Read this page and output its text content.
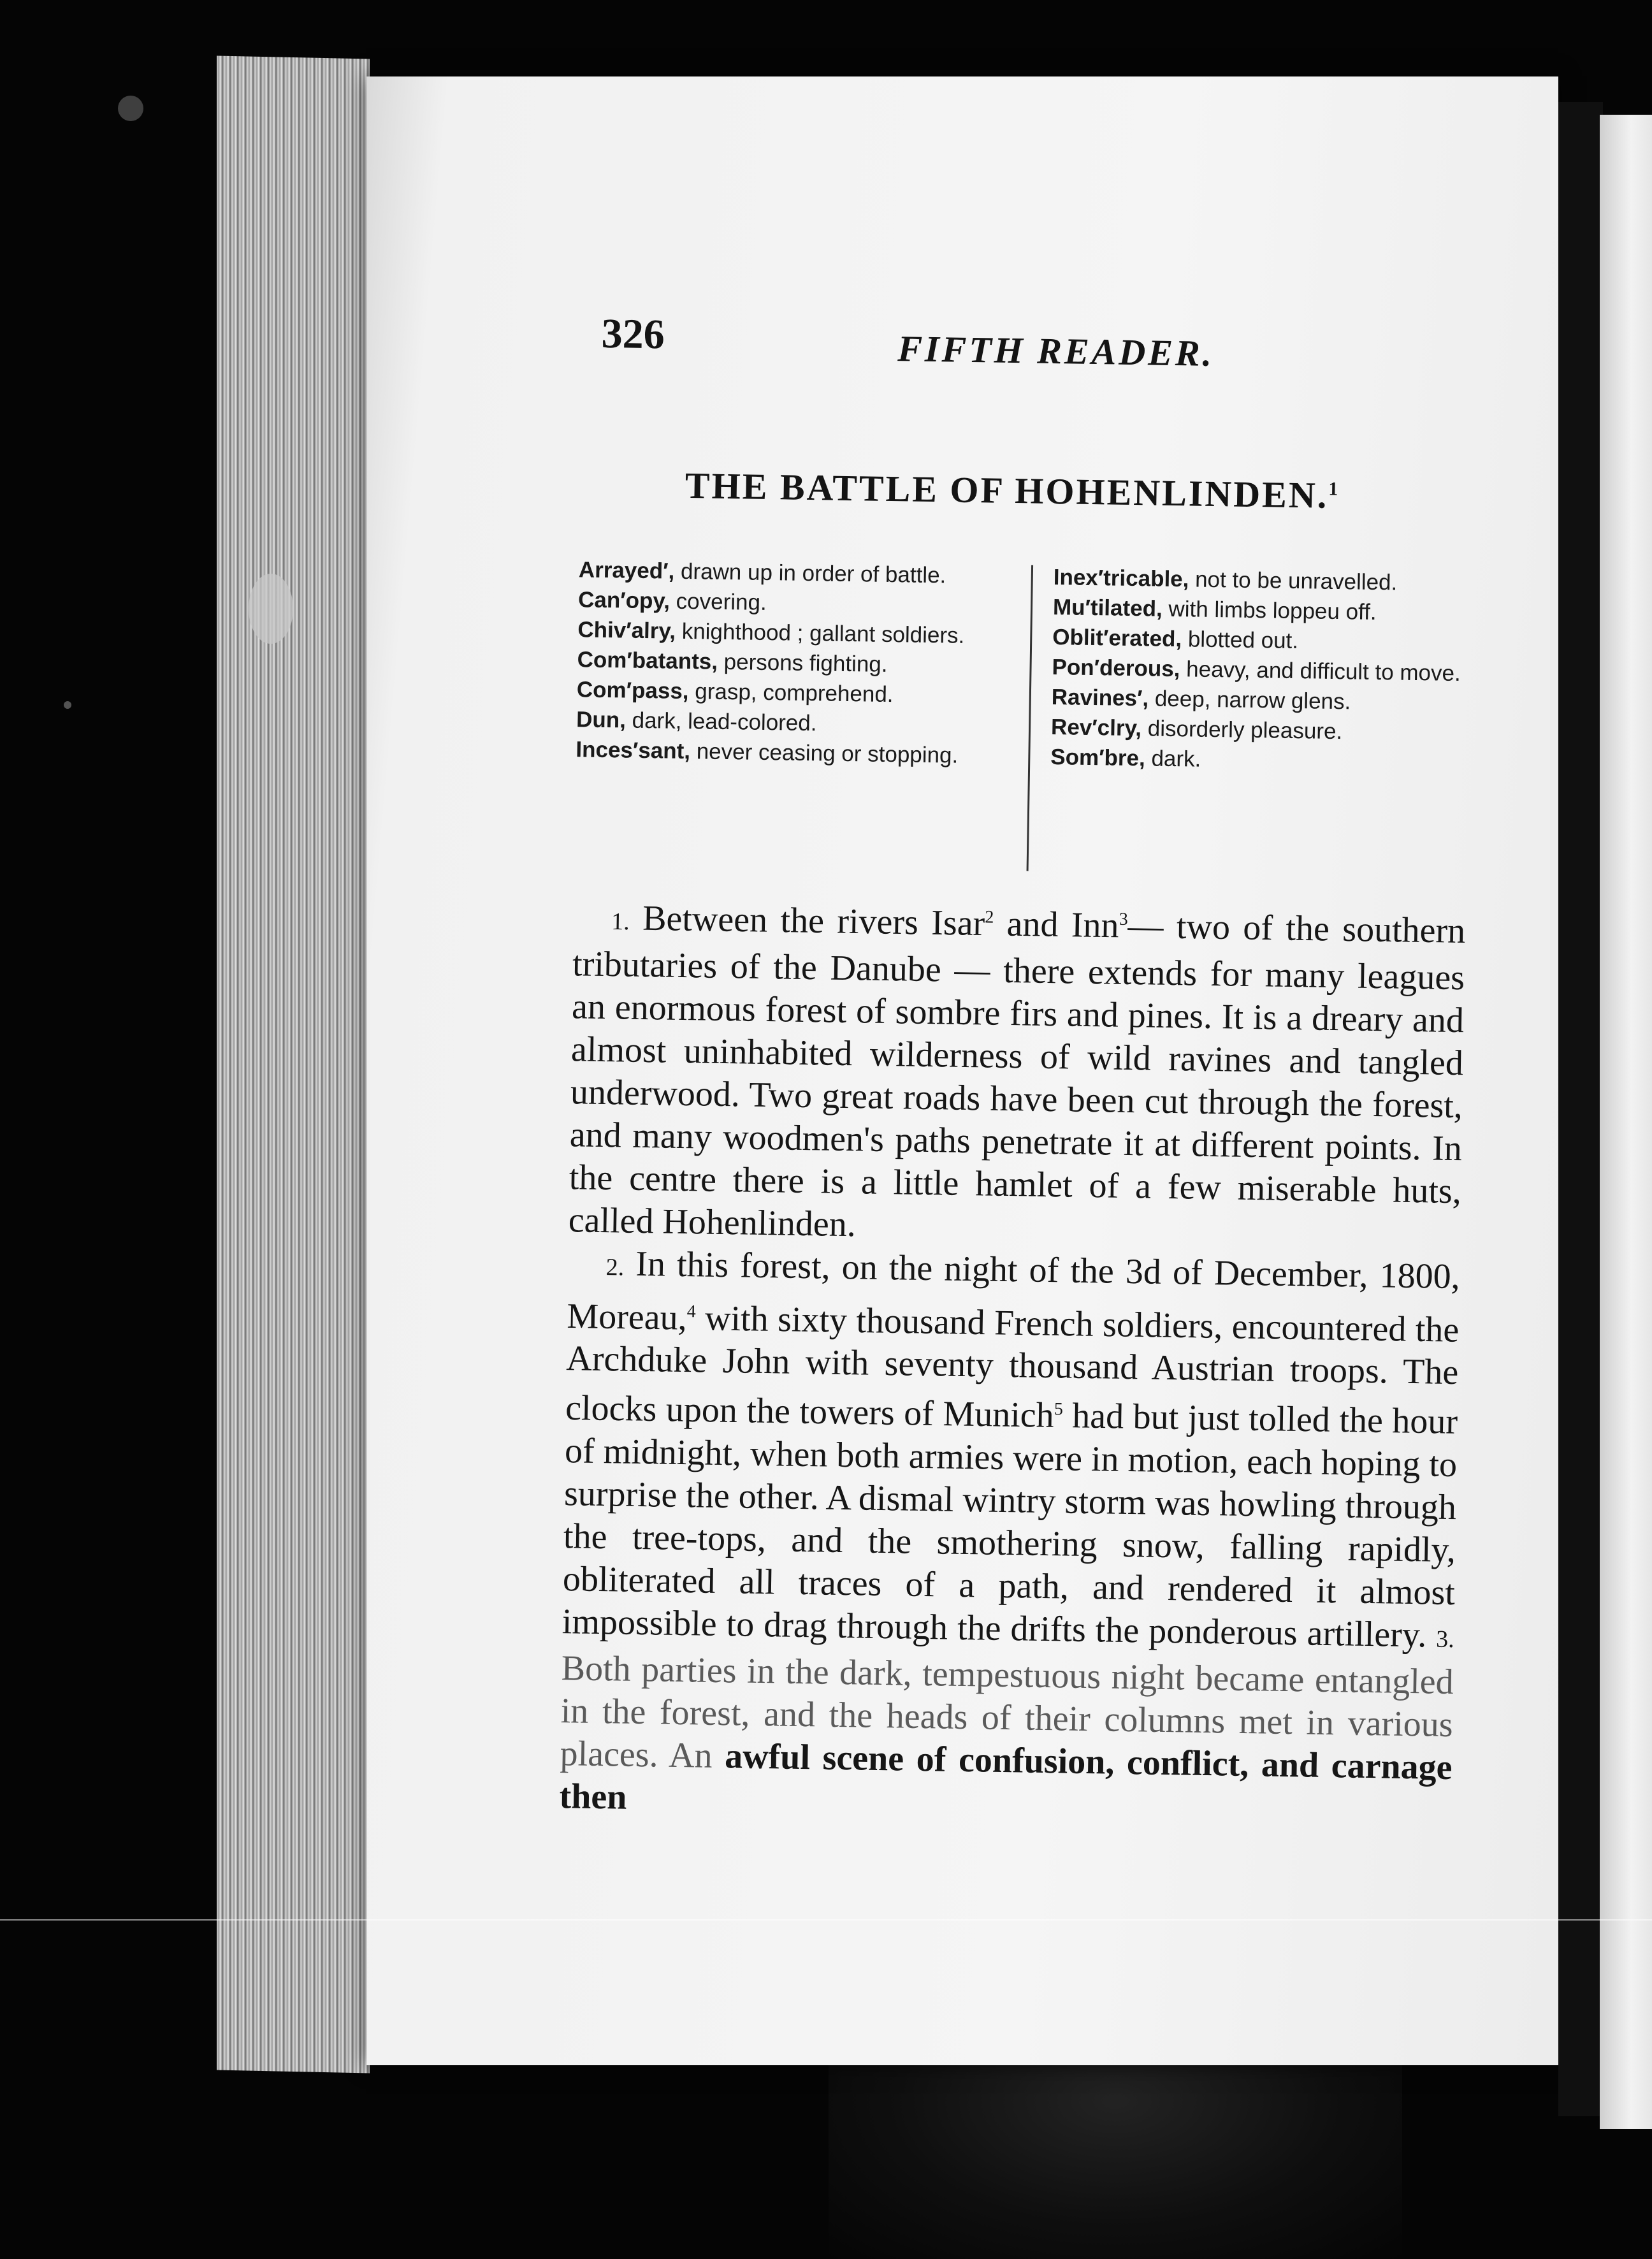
326	FIFTH READER.
THE BATTLE OF HOHENLINDEN.$^1$

Arrayed′, drawn up in order of battle.

Can′opy, covering.

Chiv′alry, knighthood ; gallant soldiers.

Com′batants, persons fighting.

Com′pass, grasp, comprehend.

Dun, dark, lead-colored.

Inces′sant, never ceasing or stopping.

Inex′tricable, not to be unravelled.

Mu′tilated, with limbs loppeu off.

Oblit′erated, blotted out.

Pon′derous, heavy, and difficult to move.

Ravines′, deep, narrow glens.

Rev′clry, disorderly pleasure.

Som′bre, dark.

1. Between the rivers Isar$^2$ and Inn$^3$— two of the southern tributaries of the Danube — there extends for many leagues an enormous forest of sombre firs and pines. It is a dreary and almost uninhabited wilderness of wild ravines and tangled underwood. Two great roads have been cut through the forest, and many woodmen's paths penetrate it at different points. In the centre there is a little hamlet of a few miserable huts, called Hohenlinden.

2. In this forest, on the night of the 3d of December, 1800, Moreau,$^4$ with sixty thousand French soldiers, encountered the Archduke John with seventy thousand Austrian troops. The clocks upon the towers of Munich$^5$ had but just tolled the hour of midnight, when both armies were in motion, each hoping to surprise the other. A dismal wintry storm was howling through the tree-tops, and the smothering snow, falling rapidly, obliterated all traces of a path, and rendered it almost impossible to drag through the drifts the ponderous artillery. 3. Both parties in the dark, tempestuous night became entangled in the forest, and the heads of their columns met in various places. An awful scene of confusion, conflict, and carnage then
